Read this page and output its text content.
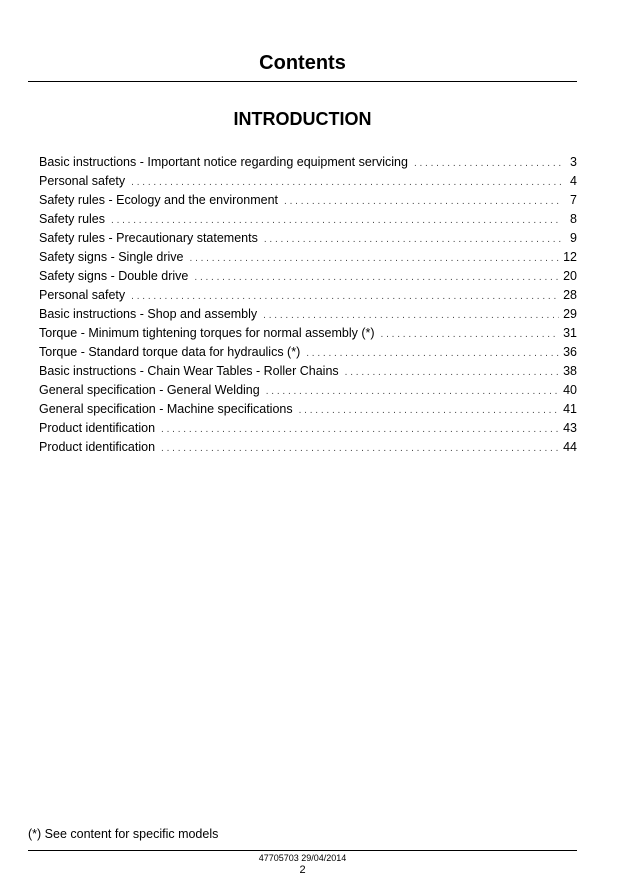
Contents
INTRODUCTION
Basic instructions - Important notice regarding equipment servicing . . .	3
Personal safety . . .	4
Safety rules - Ecology and the environment . . .	7
Safety rules . . .	8
Safety rules - Precautionary statements . . .	9
Safety signs - Single drive . . .	12
Safety signs - Double drive . . .	20
Personal safety . . .	28
Basic instructions - Shop and assembly . . .	29
Torque - Minimum tightening torques for normal assembly (*) . . .	31
Torque - Standard torque data for hydraulics (*) . . .	36
Basic instructions - Chain Wear Tables - Roller Chains . . .	38
General specification - General Welding . . .	40
General specification - Machine specifications . . .	41
Product identification . . .	43
Product identification . . .	44
(*) See content for specific models
47705703 29/04/2014
2
